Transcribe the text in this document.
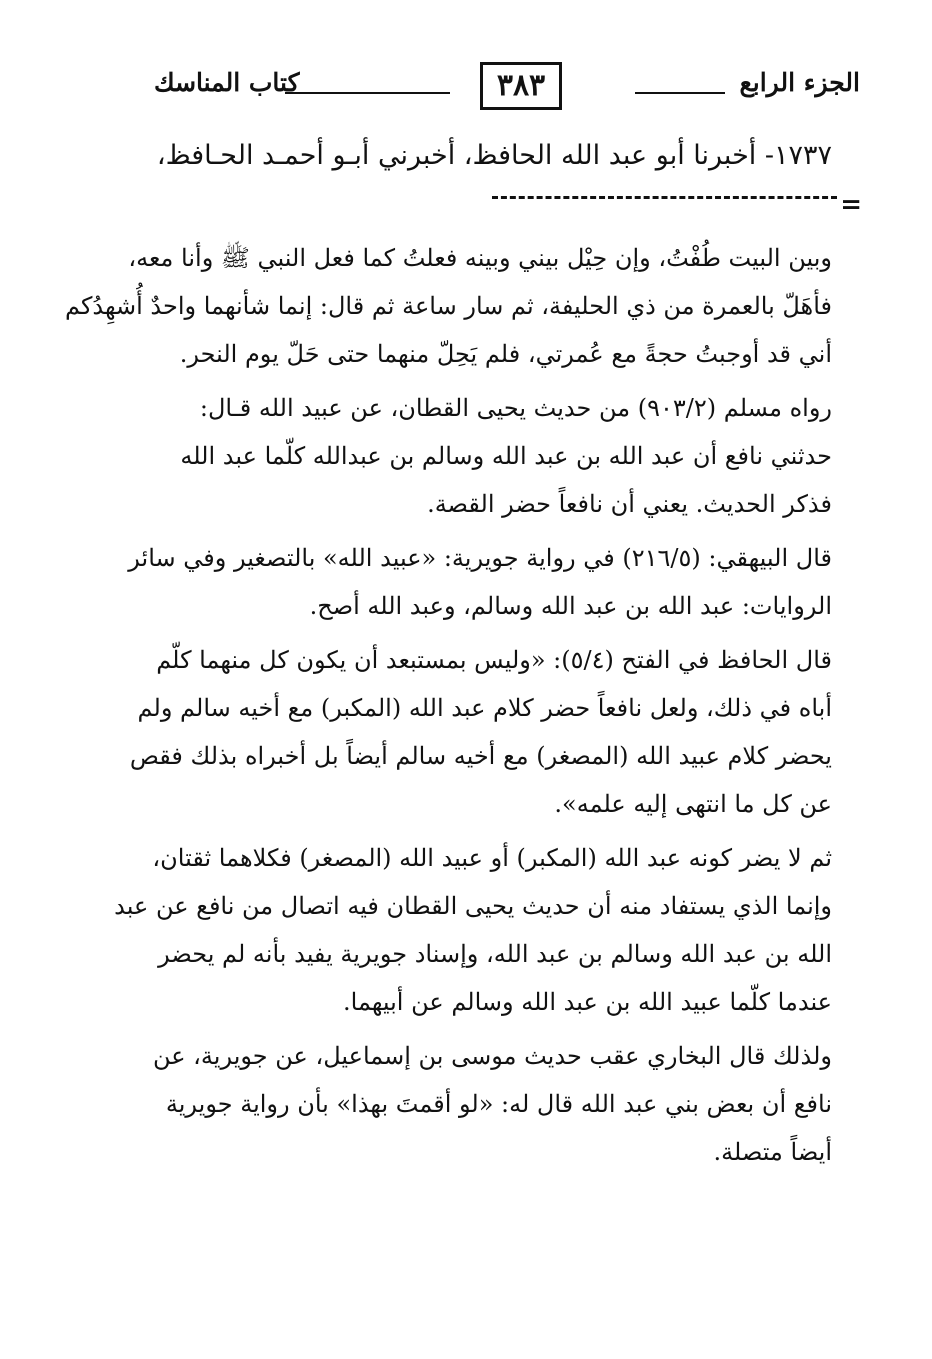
الجزء الرابع
٣٨٣
كتاب المناسك
١٧٣٧- أخبرنا أبو عبد الله الحافظ، أخبرني أبـو أحمـد الحـافظ،
=
وبين البيت طُفْتُ، وإن حِيْل بيني وبينه فعلتُ كما فعل النبي ﷺ وأنا معه،
فأهَلّ بالعمرة من ذي الحليفة، ثم سار ساعة ثم قال: إنما شأنهما واحدٌ أُشهِدُكم
أني قد أوجبتُ حجةً مع عُمرتي، فلم يَحِلّ منهما حتى حَلّ يوم النحر.
رواه مسلم (٩٠٣/٢) من حديث يحيى القطان، عن عبيد الله قـال:
حدثني نافع أن عبد الله بن عبد الله وسالم بن عبدالله كلّما عبد الله
فذكر الحديث. يعني أن نافعاً حضر القصة.
قال البيهقي: (٢١٦/٥) في رواية جويرية: «عبيد الله» بالتصغير وفي سائر
الروايات: عبد الله بن عبد الله وسالم، وعبد الله أصح.
قال الحافظ في الفتح (٥/٤): «وليس بمستبعد أن يكون كل منهما كلّم
أباه في ذلك، ولعل نافعاً حضر كلام عبد الله (المكبر) مع أخيه سالم ولم
يحضر كلام عبيد الله (المصغر) مع أخيه سالم أيضاً بل أخبراه بذلك فقص
عن كل ما انتهى إليه علمه».
ثم لا يضر كونه عبد الله (المكبر) أو عبيد الله (المصغر) فكلاهما ثقتان،
وإنما الذي يستفاد منه أن حديث يحيى القطان فيه اتصال من نافع عن عبد
الله بن عبد الله وسالم بن عبد الله، وإسناد جويرية يفيد بأنه لم يحضر
عندما كلّما عبيد الله بن عبد الله وسالم عن أبيهما.
ولذلك قال البخاري عقب حديث موسى بن إسماعيل، عن جويرية، عن
نافع أن بعض بني عبد الله قال له: «لو أقمتَ بهذا» بأن رواية جويرية
أيضاً متصلة.
